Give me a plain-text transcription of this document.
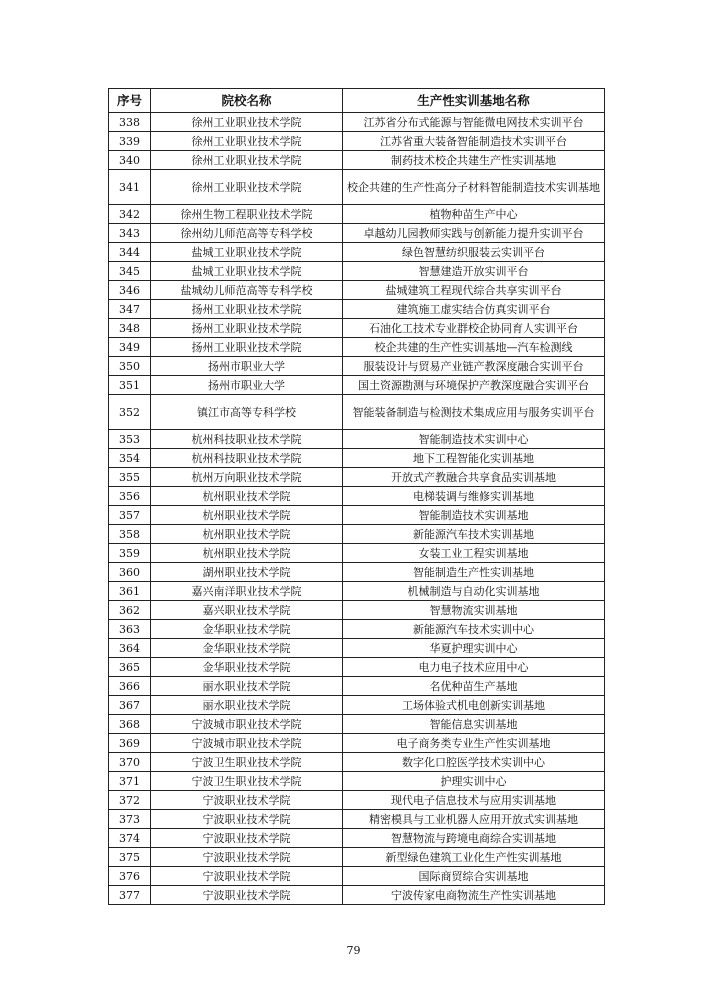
序号	院校名称	生产性实训基地名称
338	徐州工业职业技术学院	江苏省分布式能源与智能微电网技术实训平台
339	徐州工业职业技术学院	江苏省重大装备智能制造技术实训平台
340	徐州工业职业技术学院	制药技术校企共建生产性实训基地
341	徐州工业职业技术学院	校企共建的生产性高分子材料智能制造技术实训基地
342	徐州生物工程职业技术学院	植物种苗生产中心
343	徐州幼儿师范高等专科学校	卓越幼儿园教师实践与创新能力提升实训平台
344	盐城工业职业技术学院	绿色智慧纺织服装云实训平台
345	盐城工业职业技术学院	智慧建造开放实训平台
346	盐城幼儿师范高等专科学校	盐城建筑工程现代综合共享实训平台
347	扬州工业职业技术学院	建筑施工虚实结合仿真实训平台
348	扬州工业职业技术学院	石油化工技术专业群校企协同育人实训平台
349	扬州工业职业技术学院	校企共建的生产性实训基地—汽车检测线
350	扬州市职业大学	服装设计与贸易产业链产教深度融合实训平台
351	扬州市职业大学	国土资源勘测与环境保护产教深度融合实训平台
352	镇江市高等专科学校	智能装备制造与检测技术集成应用与服务实训平台
353	杭州科技职业技术学院	智能制造技术实训中心
354	杭州科技职业技术学院	地下工程智能化实训基地
355	杭州万向职业技术学院	开放式产教融合共享食品实训基地
356	杭州职业技术学院	电梯装调与维修实训基地
357	杭州职业技术学院	智能制造技术实训基地
358	杭州职业技术学院	新能源汽车技术实训基地
359	杭州职业技术学院	女装工业工程实训基地
360	湖州职业技术学院	智能制造生产性实训基地
361	嘉兴南洋职业技术学院	机械制造与自动化实训基地
362	嘉兴职业技术学院	智慧物流实训基地
363	金华职业技术学院	新能源汽车技术实训中心
364	金华职业技术学院	华夏护理实训中心
365	金华职业技术学院	电力电子技术应用中心
366	丽水职业技术学院	名优种苗生产基地
367	丽水职业技术学院	工场体验式机电创新实训基地
368	宁波城市职业技术学院	智能信息实训基地
369	宁波城市职业技术学院	电子商务类专业生产性实训基地
370	宁波卫生职业技术学院	数字化口腔医学技术实训中心
371	宁波卫生职业技术学院	护理实训中心
372	宁波职业技术学院	现代电子信息技术与应用实训基地
373	宁波职业技术学院	精密模具与工业机器人应用开放式实训基地
374	宁波职业技术学院	智慧物流与跨境电商综合实训基地
375	宁波职业技术学院	新型绿色建筑工业化生产性实训基地
376	宁波职业技术学院	国际商贸综合实训基地
377	宁波职业技术学院	宁波传家电商物流生产性实训基地
79
